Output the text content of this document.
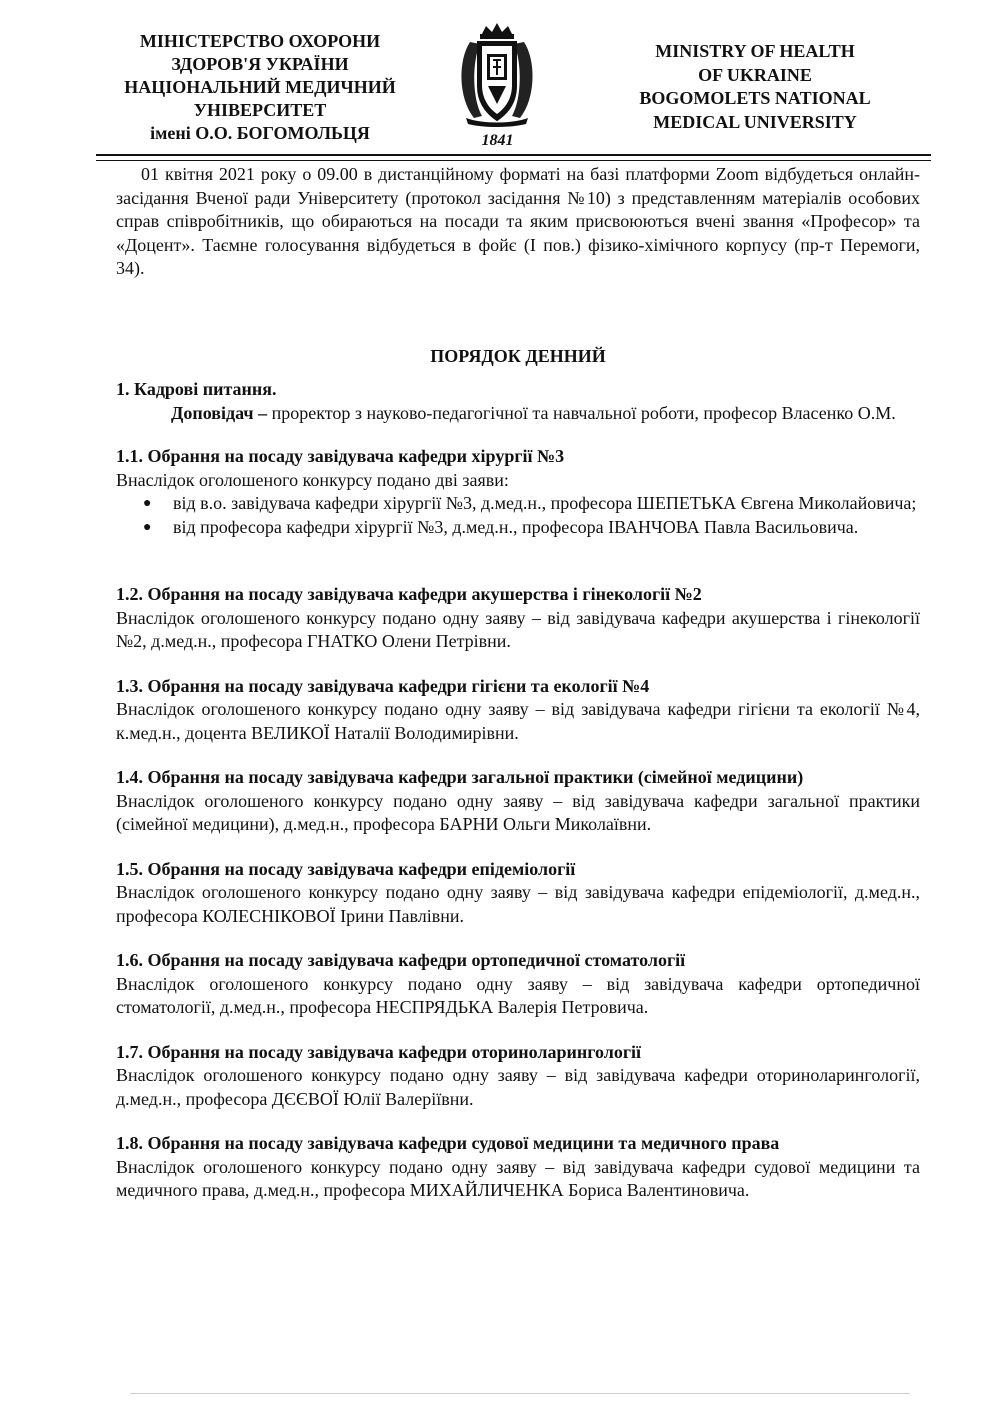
МІНІСТЕРСТВО ОХОРОНИ
ЗДОРОВ'Я УКРАЇНИ
НАЦІОНАЛЬНИЙ МЕДИЧНИЙ
УНІВЕРСИТЕТ
імені О.О. БОГОМОЛЬЦЯ	1841
MINISTRY OF HEALTH
OF UKRAINE
BOGOMOLETS NATIONAL
MEDICAL UNIVERSITY

01 квітня 2021 року о 09.00 в дистанційному форматі на базі платформи Zoom відбудеться онлайн-засідання Вченої ради Університету (протокол засідання №10) з представленням матеріалів особових справ співробітників, що обираються на посади та яким присвоюються вчені звання «Професор» та «Доцент». Таємне голосування відбудеться в фойє (І пов.) фізико-хімічного корпусу (пр-т Перемоги, 34).

ПОРЯДОК ДЕННИЙ

1. Кадрові питання.

Доповідач – проректор з науково-педагогічної та навчальної роботи, професор Власенко О.М.

1.1. Обрання на посаду завідувача кафедри хірургії №3

Внаслідок оголошеного конкурсу подано дві заяви:

● від в.о. завідувача кафедри хірургії №3, д.мед.н., професора ШЕПЕТЬКА Євгена Миколайовича;
● від професора кафедри хірургії №3, д.мед.н., професора ІВАНЧОВА Павла Васильовича.

1.2. Обрання на посаду завідувача кафедри акушерства і гінекології №2

Внаслідок оголошеного конкурсу подано одну заяву – від завідувача кафедри акушерства і гінекології №2, д.мед.н., професора ГНАТКО Олени Петрівни.

1.3. Обрання на посаду завідувача кафедри гігієни та екології №4

Внаслідок оголошеного конкурсу подано одну заяву – від завідувача кафедри гігієни та екології №4, к.мед.н., доцента ВЕЛИКОЇ Наталії Володимирівни.

1.4. Обрання на посаду завідувача кафедри загальної практики (сімейної медицини)

Внаслідок оголошеного конкурсу подано одну заяву – від завідувача кафедри загальної практики (сімейної медицини), д.мед.н., професора БАРНИ Ольги Миколаївни.

1.5. Обрання на посаду завідувача кафедри епідеміології

Внаслідок оголошеного конкурсу подано одну заяву – від завідувача кафедри епідеміології, д.мед.н., професора КОЛЕСНІКОВОЇ Ірини Павлівни.

1.6. Обрання на посаду завідувача кафедри ортопедичної стоматології

Внаслідок оголошеного конкурсу подано одну заяву – від завідувача кафедри ортопедичної стоматології, д.мед.н., професора НЕСПРЯДЬКА Валерія Петровича.

1.7. Обрання на посаду завідувача кафедри оториноларингології

Внаслідок оголошеного конкурсу подано одну заяву – від завідувача кафедри оториноларингології, д.мед.н., професора ДЄЄВОЇ Юлії Валеріївни.

1.8. Обрання на посаду завідувача кафедри судової медицини та медичного права

Внаслідок оголошеного конкурсу подано одну заяву – від завідувача кафедри судової медицини та медичного права, д.мед.н., професора МИХАЙЛИЧЕНКА Бориса Валентиновича.
